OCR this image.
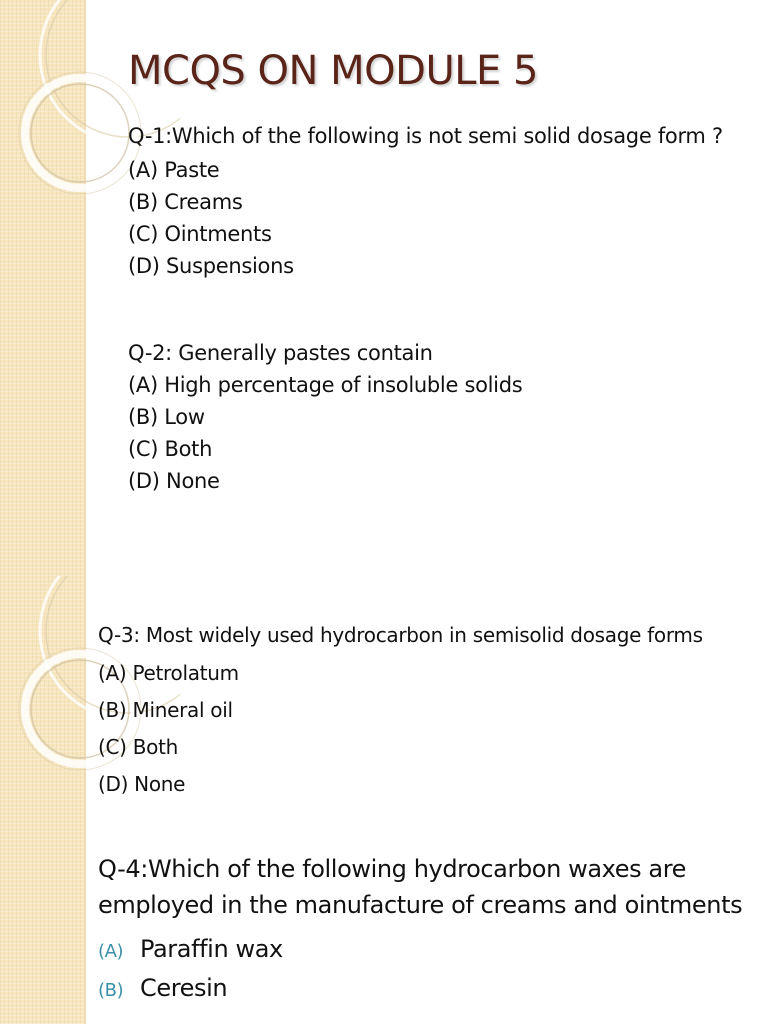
MCQS ON MODULE 5

Q-1:Which of the following is not semi solid dosage form ?

(A) Paste

(B) Creams

(C) Ointments

(D) Suspensions

Q-2: Generally pastes contain

(A) High percentage of insoluble solids

(B) Low

(C) Both

(D) None

Q-3: Most widely used hydrocarbon in semisolid dosage forms

(A) Petrolatum

(B) Mineral oil

(C) Both

(D) None

Q-4:Which of the following hydrocarbon waxes are employed in the manufacture of creams and ointments

(A) Paraffin wax

(B) Ceresin
